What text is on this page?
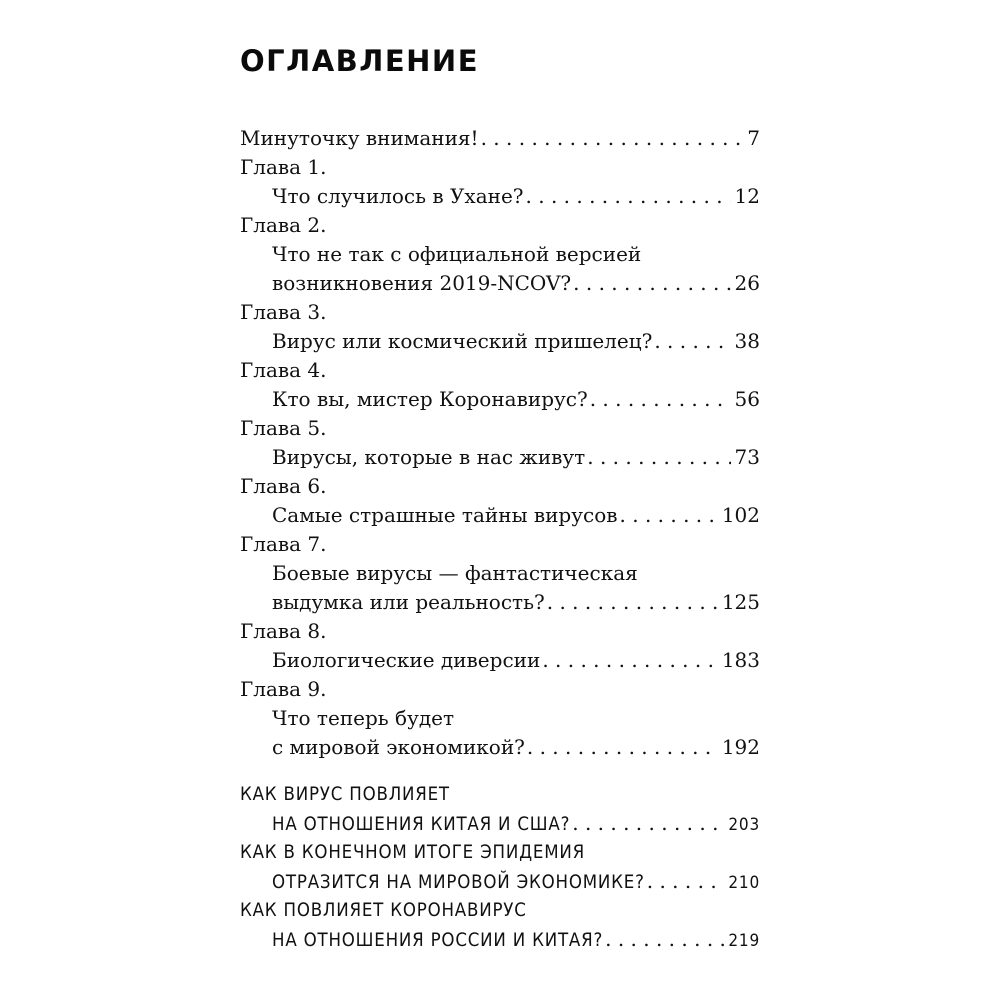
ОГЛАВЛЕНИЕ
Минуточку внимания! . . .	7
Глава 1.
Что случилось в Ухане? . . .	12
Глава 2.
Что не так с официальной версией
возникновения 2019-NCOV? . . .	26
Глава 3.
Вирус или космический пришелец? . . .	38
Глава 4.
Кто вы, мистер Коронавирус? . . .	56
Глава 5.
Вирусы, которые в нас живут . . .	73
Глава 6.
Самые страшные тайны вирусов . . .	102
Глава 7.
Боевые вирусы — фантастическая
выдумка или реальность? . . .	125
Глава 8.
Биологические диверсии . . .	183
Глава 9.
Что теперь будет
с мировой экономикой? . . .	192
КАК ВИРУС ПОВЛИЯЕТ
НА ОТНОШЕНИЯ КИТАЯ И США? . . .	203
КАК В КОНЕЧНОМ ИТОГЕ ЭПИДЕМИЯ
ОТРАЗИТСЯ НА МИРОВОЙ ЭКОНОМИКЕ? . . .	210
КАК ПОВЛИЯЕТ КОРОНАВИРУС
НА ОТНОШЕНИЯ РОССИИ И КИТАЯ? . . .	219
